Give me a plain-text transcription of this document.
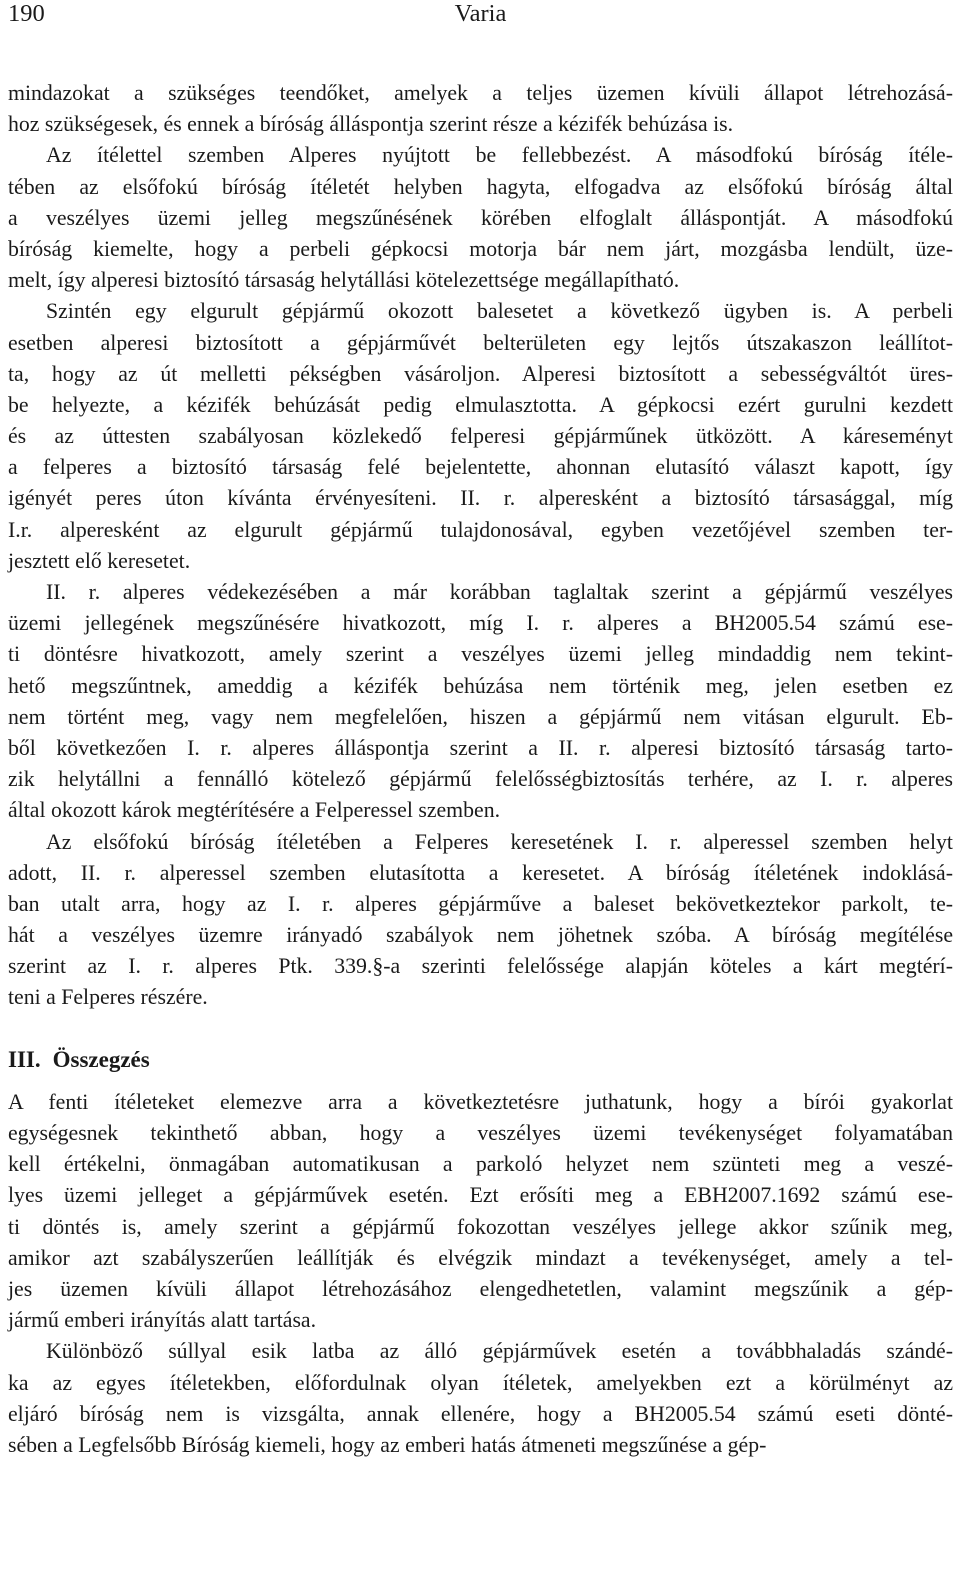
190	Varia
mindazokat a szükséges teendőket, amelyek a teljes üzemen kívüli állapot létrehozásá-
hoz szükségesek, és ennek a bíróság álláspontja szerint része a kézifék behúzása is.
Az ítélettel szemben Alperes nyújtott be fellebbezést. A másodfokú bíróság ítéle-
tében az elsőfokú bíróság ítéletét helyben hagyta, elfogadva az elsőfokú bíróság által
a veszélyes üzemi jelleg megszűnésének körében elfoglalt álláspontját. A másodfokú
bíróság kiemelte, hogy a perbeli gépkocsi motorja bár nem járt, mozgásba lendült, üze-
melt, így alperesi biztosító társaság helytállási kötelezettsége megállapítható.
Szintén egy elgurult gépjármű okozott balesetet a következő ügyben is. A perbeli
esetben alperesi biztosított a gépjárművét belterületen egy lejtős útszakaszon leállítot-
ta, hogy az út melletti pékségben vásároljon. Alperesi biztosított a sebességváltót üres-
be helyezte, a kézifék behúzását pedig elmulasztotta. A gépkocsi ezért gurulni kezdett
és az úttesten szabályosan közlekedő felperesi gépjárműnek ütközött. A káreseményt
a felperes a biztosító társaság felé bejelentette, ahonnan elutasító választ kapott, így
igényét peres úton kívánta érvényesíteni. II. r. alperesként a biztosító társasággal, míg
I.r. alperesként az elgurult gépjármű tulajdonosával, egyben vezetőjével szemben ter-
jesztett elő keresetet.
II. r. alperes védekezésében a már korábban taglaltak szerint a gépjármű veszélyes
üzemi jellegének megszűnésére hivatkozott, míg I. r. alperes a BH2005.54 számú ese-
ti döntésre hivatkozott, amely szerint a veszélyes üzemi jelleg mindaddig nem tekint-
hető megszűntnek, ameddig a kézifék behúzása nem történik meg, jelen esetben ez
nem történt meg, vagy nem megfelelően, hiszen a gépjármű nem vitásan elgurult. Eb-
ből következően I. r. alperes álláspontja szerint a II. r. alperesi biztosító társaság tarto-
zik helytállni a fennálló kötelező gépjármű felelősségbiztosítás terhére, az I. r. alperes
által okozott károk megtérítésére a Felperessel szemben.
Az elsőfokú bíróság ítéletében a Felperes keresetének I. r. alperessel szemben helyt
adott, II. r. alperessel szemben elutasította a keresetet. A bíróság ítéletének indoklásá-
ban utalt arra, hogy az I. r. alperes gépjárműve a baleset bekövetkeztekor parkolt, te-
hát a veszélyes üzemre irányadó szabályok nem jöhetnek szóba. A bíróság megítélése
szerint az I. r. alperes Ptk. 339.§-a szerinti felelőssége alapján köteles a kárt megtérí-
teni a Felperes részére.
III. Összegzés
A fenti ítéleteket elemezve arra a következtetésre juthatunk, hogy a bírói gyakorlat
egységesnek tekinthető abban, hogy a veszélyes üzemi tevékenységet folyamatában
kell értékelni, önmagában automatikusan a parkoló helyzet nem szünteti meg a veszé-
lyes üzemi jelleget a gépjárművek esetén. Ezt erősíti meg a EBH2007.1692 számú ese-
ti döntés is, amely szerint a gépjármű fokozottan veszélyes jellege akkor szűnik meg,
amikor azt szabályszerűen leállítják és elvégzik mindazt a tevékenységet, amely a tel-
jes üzemen kívüli állapot létrehozásához elengedhetetlen, valamint megszűnik a gép-
jármű emberi irányítás alatt tartása.
Különböző súllyal esik latba az álló gépjárművek esetén a továbbhaladás szándé-
ka az egyes ítéletekben, előfordulnak olyan ítéletek, amelyekben ezt a körülményt az
eljáró bíróság nem is vizsgálta, annak ellenére, hogy a BH2005.54 számú eseti dönté-
sében a Legfelsőbb Bíróság kiemeli, hogy az emberi hatás átmeneti megszűnése a gép-
